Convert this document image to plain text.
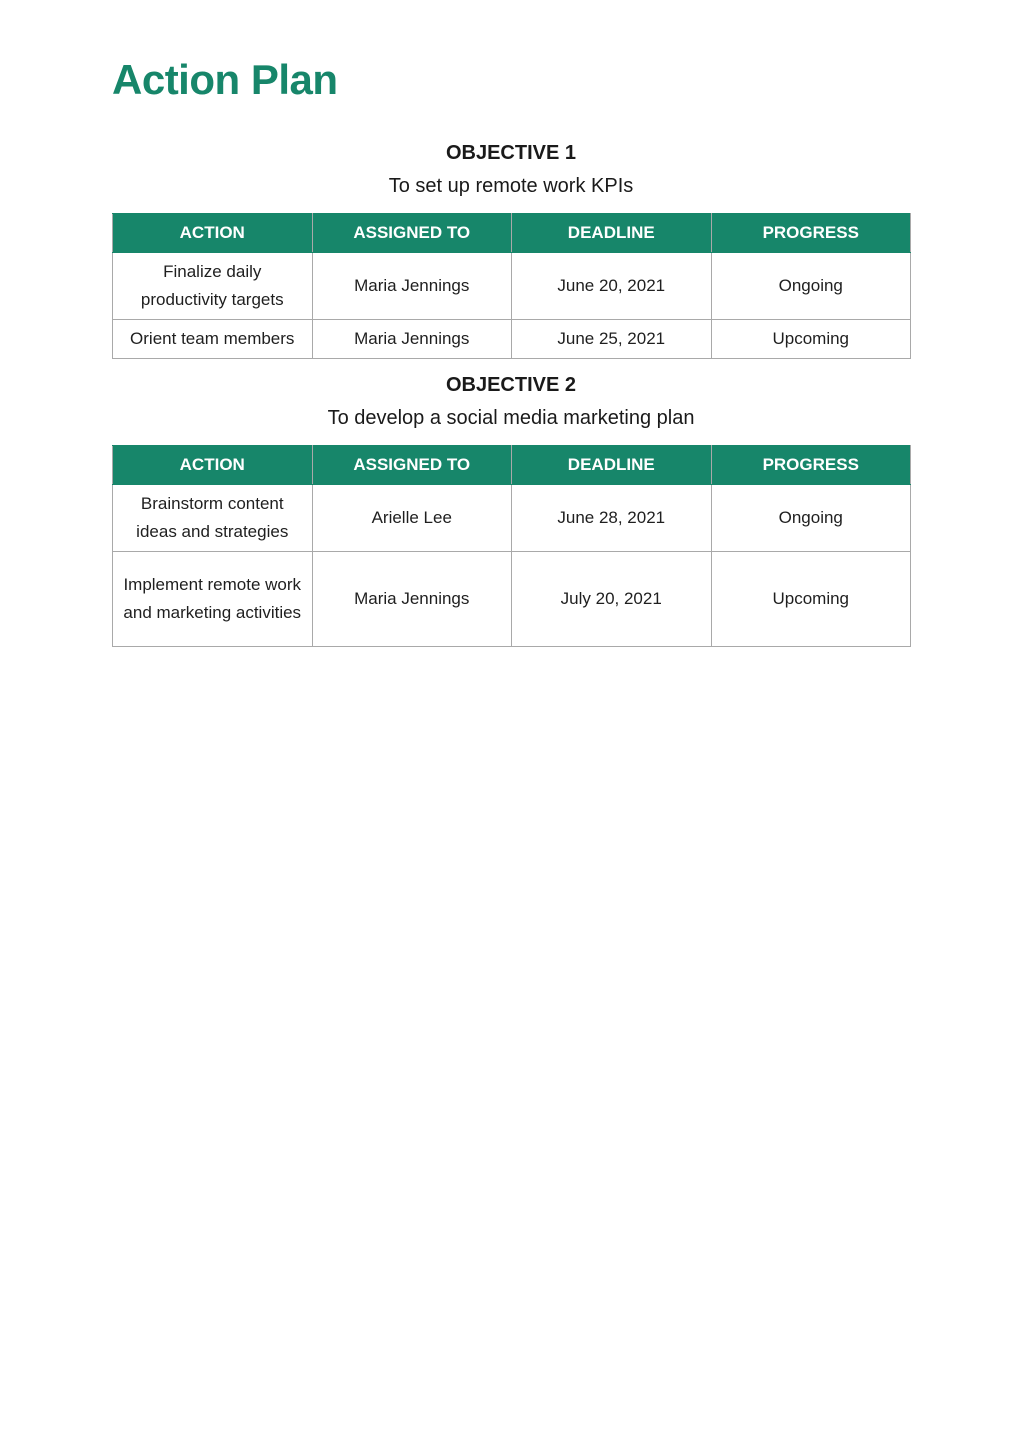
Action Plan

OBJECTIVE 1

To set up remote work KPIs

ACTION	ASSIGNED TO	DEADLINE	PROGRESS
Finalize daily productivity targets	Maria Jennings	June 20, 2021	Ongoing
Orient team members	Maria Jennings	June 25, 2021	Upcoming

OBJECTIVE 2

To develop a social media marketing plan

ACTION	ASSIGNED TO	DEADLINE	PROGRESS
Brainstorm content ideas and strategies	Arielle Lee	June 28, 2021	Ongoing
Implement remote work and marketing activities	Maria Jennings	July 20, 2021	Upcoming
